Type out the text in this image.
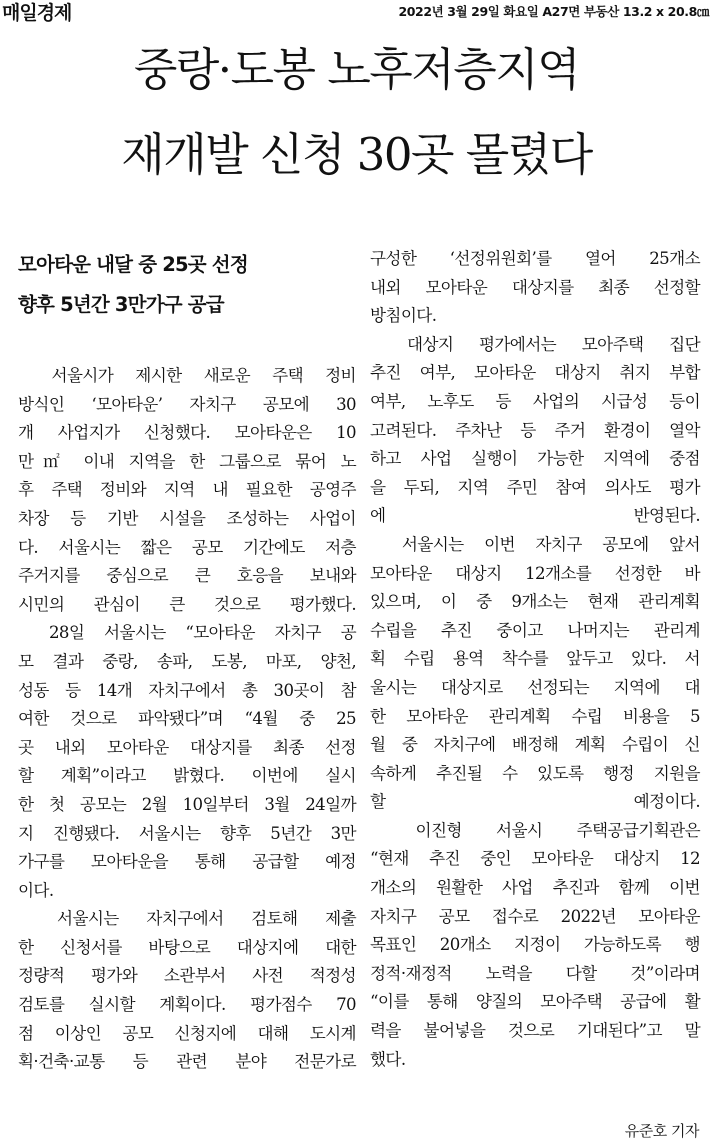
매일경제	2022년 3월 29일 화요일 A27면 부동산 13.2 x 20.8㎝
중랑·도봉 노후저층지역
재개발 신청 30곳 몰렸다

모아타운 내달 중 25곳 선정

향후 5년간 3만가구 공급

　서울시가 제시한 새로운 주택 정비
방식인 ‘모아타운’ 자치구 공모에 30
개 사업지가 신청했다. 모아타운은 10
만㎡ 이내 지역을 한 그룹으로 묶어 노
후 주택 정비와 지역 내 필요한 공영주
차장 등 기반 시설을 조성하는 사업이
다. 서울시는 짧은 공모 기간에도 저층
주거지를 중심으로 큰 호응을 보내와
시민의 관심이 큰 것으로 평가했다.
　28일 서울시는 “모아타운 자치구 공
모 결과 중랑, 송파, 도봉, 마포, 양천,
성동 등 14개 자치구에서 총 30곳이 참
여한 것으로 파악됐다”며 “4월 중 25
곳 내외 모아타운 대상지를 최종 선정
할 계획”이라고 밝혔다. 이번에 실시
한 첫 공모는 2월 10일부터 3월 24일까
지 진행됐다. 서울시는 향후 5년간 3만
가구를 모아타운을 통해 공급할 예정
이다.
　서울시는 자치구에서 검토해 제출
한 신청서를 바탕으로 대상지에 대한
정량적 평가와 소관부서 사전 적정성
검토를 실시할 계획이다. 평가점수 70
점 이상인 공모 신청지에 대해 도시계
획·건축·교통 등 관련 분야 전문가로
구성한 ‘선정위원회’를 열어 25개소
내외 모아타운 대상지를 최종 선정할
방침이다.
　대상지 평가에서는 모아주택 집단
추진 여부, 모아타운 대상지 취지 부합
여부, 노후도 등 사업의 시급성 등이
고려된다. 주차난 등 주거 환경이 열악
하고 사업 실행이 가능한 지역에 중점
을 두되, 지역 주민 참여 의사도 평가
에 반영된다.
　서울시는 이번 자치구 공모에 앞서
모아타운 대상지 12개소를 선정한 바
있으며, 이 중 9개소는 현재 관리계획
수립을 추진 중이고 나머지는 관리계
획 수립 용역 착수를 앞두고 있다. 서
울시는 대상지로 선정되는 지역에 대
한 모아타운 관리계획 수립 비용을 5
월 중 자치구에 배정해 계획 수립이 신
속하게 추진될 수 있도록 행정 지원을
할 예정이다.
　이진형 서울시 주택공급기획관은
“현재 추진 중인 모아타운 대상지 12
개소의 원활한 사업 추진과 함께 이번
자치구 공모 접수로 2022년 모아타운
목표인 20개소 지정이 가능하도록 행
정적·재정적 노력을 다할 것”이라며
“이를 통해 양질의 모아주택 공급에 활
력을 불어넣을 것으로 기대된다”고 말
했다.
유준호 기자
